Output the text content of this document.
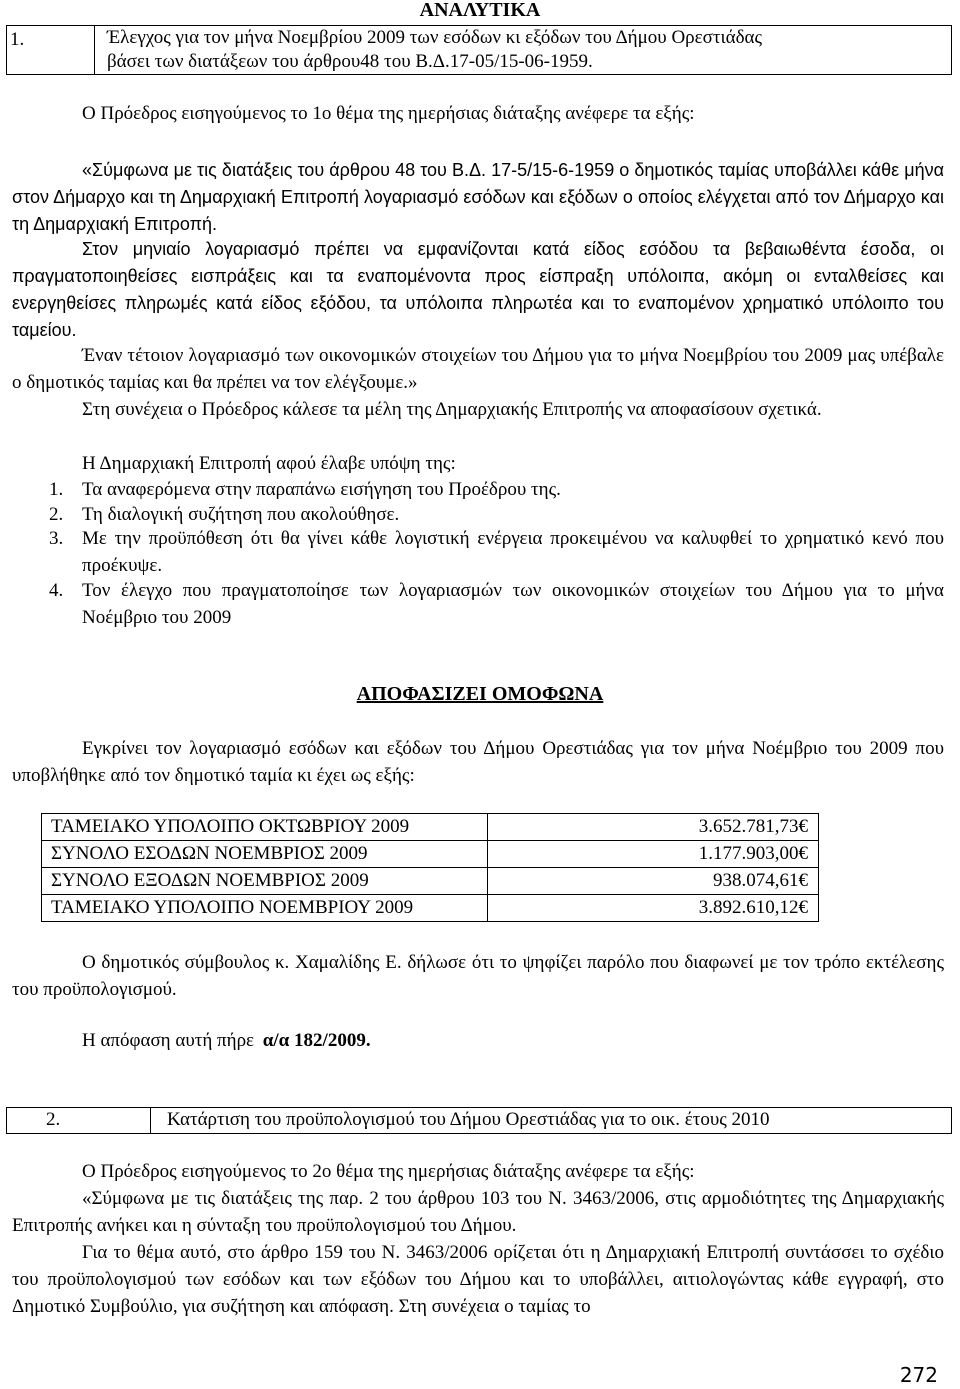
ΑΝΑΛΥΤΙΚΑ
1.	Έλεγχος για τον μήνα Νοεμβρίου 2009 των εσόδων κι εξόδων του Δήμου Ορεστιάδας
βάσει των διατάξεων του άρθρου48 του Β.Δ.17-05/15-06-1959.
Ο Πρόεδρος εισηγούμενος το 1ο θέμα της ημερήσιας διάταξης ανέφερε τα εξής:
«Σύμφωνα με τις διατάξεις του άρθρου 48 του Β.Δ. 17-5/15-6-1959 ο δημοτικός ταμίας υποβάλλει κάθε μήνα στον Δήμαρχο και τη Δημαρχιακή Επιτροπή λογαριασμό εσόδων και εξόδων ο οποίος ελέγχεται από τον Δήμαρχο και τη Δημαρχιακή Επιτροπή.
Στον μηνιαίο λογαριασμό πρέπει να εμφανίζονται κατά είδος εσόδου τα βεβαιωθέντα έσοδα, οι πραγματοποιηθείσες εισπράξεις και τα εναπομένοντα προς είσπραξη υπόλοιπα, ακόμη οι ενταλθείσες και ενεργηθείσες πληρωμές κατά είδος εξόδου, τα υπόλοιπα πληρωτέα και το εναπομένον χρηματικό υπόλοιπο του ταμείου.
Έναν τέτοιον λογαριασμό των οικονομικών στοιχείων του Δήμου για το μήνα Νοεμβρίου του 2009 μας υπέβαλε ο δημοτικός ταμίας και θα πρέπει να τον ελέγξουμε.»
Στη συνέχεια ο Πρόεδρος κάλεσε τα μέλη της Δημαρχιακής Επιτροπής να αποφασίσουν σχετικά.
Η Δημαρχιακή Επιτροπή αφού έλαβε υπόψη της:
1. Τα αναφερόμενα στην παραπάνω εισήγηση του Προέδρου της.
2. Τη διαλογική συζήτηση που ακολούθησε.
3. Με την προϋπόθεση ότι θα γίνει κάθε λογιστική ενέργεια προκειμένου να καλυφθεί το χρηματικό κενό που προέκυψε.
4. Τον έλεγχο που πραγματοποίησε των λογαριασμών των οικονομικών στοιχείων του Δήμου για το μήνα Νοέμβριο του 2009
ΑΠΟΦΑΣΙΖΕΙ ΟΜΟΦΩΝΑ
Εγκρίνει τον λογαριασμό εσόδων και εξόδων του Δήμου Ορεστιάδας για τον μήνα Νοέμβριο του 2009 που υποβλήθηκε από τον δημοτικό ταμία κι έχει ως εξής:
ΤΑΜΕΙΑΚΟ ΥΠΟΛΟΙΠΟ ΟΚΤΩΒΡΙΟΥ 2009	3.652.781,73€
ΣΥΝΟΛΟ ΕΣΟΔΩΝ ΝΟΕΜΒΡΙΟΣ 2009	1.177.903,00€
ΣΥΝΟΛΟ ΕΞΟΔΩΝ ΝΟΕΜΒΡΙΟΣ 2009	938.074,61€
ΤΑΜΕΙΑΚΟ ΥΠΟΛΟΙΠΟ ΝΟΕΜΒΡΙΟΥ 2009	3.892.610,12€
Ο δημοτικός σύμβουλος κ. Χαμαλίδης Ε. δήλωσε ότι το ψηφίζει παρόλο που διαφωνεί με τον τρόπο εκτέλεσης του προϋπολογισμού.
Η απόφαση αυτή πήρε α/α 182/2009.
2.	Κατάρτιση του προϋπολογισμού του Δήμου Ορεστιάδας για το οικ. έτους 2010
Ο Πρόεδρος εισηγούμενος το 2ο θέμα της ημερήσιας διάταξης ανέφερε τα εξής:
«Σύμφωνα με τις διατάξεις της παρ. 2 του άρθρου 103 του Ν. 3463/2006, στις αρμοδιότητες της Δημαρχιακής Επιτροπής ανήκει και η σύνταξη του προϋπολογισμού του Δήμου.
Για το θέμα αυτό, στο άρθρο 159 του Ν. 3463/2006 ορίζεται ότι η Δημαρχιακή Επιτροπή συντάσσει το σχέδιο του προϋπολογισμού των εσόδων και των εξόδων του Δήμου και το υποβάλλει, αιτιολογώντας κάθε εγγραφή, στο Δημοτικό Συμβούλιο, για συζήτηση και απόφαση. Στη συνέχεια ο ταμίας το
272
